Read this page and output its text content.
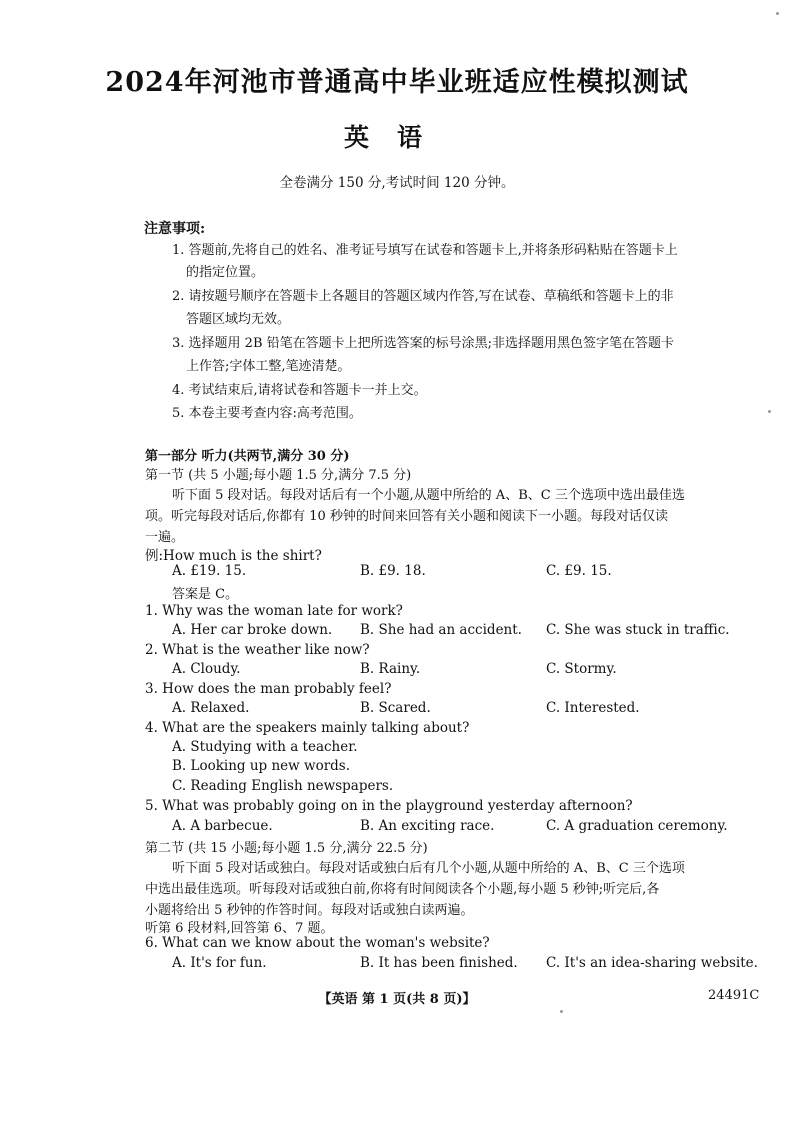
2024年河池市普通高中毕业班适应性模拟测试
英语
全卷满分 150 分,考试时间 120 分钟。
注意事项:
1. 答题前,先将自己的姓名、准考证号填写在试卷和答题卡上,并将条形码粘贴在答题卡上
的指定位置。
2. 请按题号顺序在答题卡上各题目的答题区域内作答,写在试卷、草稿纸和答题卡上的非
答题区域均无效。
3. 选择题用 2B 铅笔在答题卡上把所选答案的标号涂黑;非选择题用黑色签字笔在答题卡
上作答;字体工整,笔迹清楚。
4. 考试结束后,请将试卷和答题卡一并上交。
5. 本卷主要考查内容:高考范围。
第一部分 听力(共两节,满分 30 分)
第一节 (共 5 小题;每小题 1.5 分,满分 7.5 分)
听下面 5 段对话。每段对话后有一个小题,从题中所给的 A、B、C 三个选项中选出最佳选
项。听完每段对话后,你都有 10 秒钟的时间来回答有关小题和阅读下一小题。每段对话仅读
一遍。
例:How much is the shirt?
A. £19. 15.	B. £9. 18.	C. £9. 15.
答案是 C。
1. Why was the woman late for work?
A. Her car broke down. B. She had an accident. C. She was stuck in traffic.
2. What is the weather like now?
A. Cloudy.	B. Rainy.	C. Stormy.
3. How does the man probably feel?
A. Relaxed.	B. Scared.	C. Interested.
4. What are the speakers mainly talking about?
A. Studying with a teacher.
B. Looking up new words.
C. Reading English newspapers.
5. What was probably going on in the playground yesterday afternoon?
A. A barbecue.	B. An exciting race.	C. A graduation ceremony.
第二节 (共 15 小题;每小题 1.5 分,满分 22.5 分)
听下面 5 段对话或独白。每段对话或独白后有几个小题,从题中所给的 A、B、C 三个选项
中选出最佳选项。听每段对话或独白前,你将有时间阅读各个小题,每小题 5 秒钟;听完后,各
小题将给出 5 秒钟的作答时间。每段对话或独白读两遍。
听第 6 段材料,回答第 6、7 题。
6. What can we know about the woman's website?
A. It's for fun.	B. It has been finished. C. It's an idea-sharing website.
【英语 第 1 页(共 8 页)】	24491C
